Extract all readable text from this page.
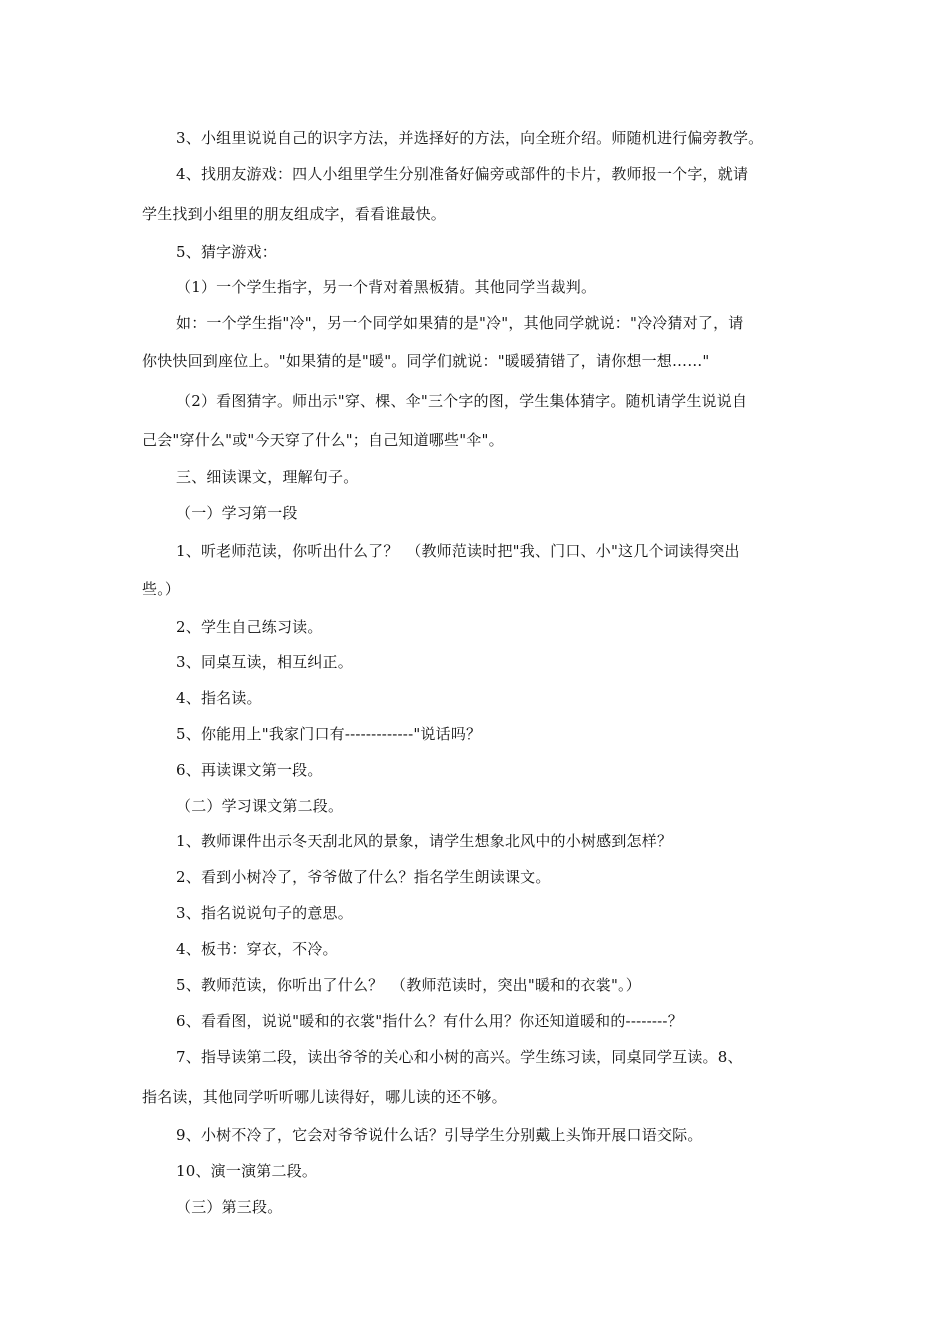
3、小组里说说自己的识字方法，并选择好的方法，向全班介绍。师随机进行偏旁教学。

4、找朋友游戏：四人小组里学生分别准备好偏旁或部件的卡片，教师报一个字，就请

学生找到小组里的朋友组成字，看看谁最快。

5、猜字游戏：

（1）一个学生指字，另一个背对着黑板猜。其他同学当裁判。

如：一个学生指"冷"，另一个同学如果猜的是"冷"，其他同学就说："冷冷猜对了，请

你快快回到座位上。"如果猜的是"暖"。同学们就说："暖暖猜错了，请你想一想……"

（2）看图猜字。师出示"穿、棵、伞"三个字的图，学生集体猜字。随机请学生说说自

己会"穿什么"或"今天穿了什么"；自己知道哪些"伞"。

三、细读课文，理解句子。

（一）学习第一段

1、听老师范读，你听出什么了？　（教师范读时把"我、门口、小"这几个词读得突出

些。）

2、学生自己练习读。

3、同桌互读，相互纠正。

4、指名读。

5、你能用上"我家门口有-------------"说话吗？

6、再读课文第一段。

（二）学习课文第二段。

1、教师课件出示冬天刮北风的景象，请学生想象北风中的小树感到怎样？

2、看到小树冷了，爷爷做了什么？指名学生朗读课文。

3、指名说说句子的意思。

4、板书：穿衣，不冷。

5、教师范读，你听出了什么？　（教师范读时，突出"暖和的衣裳"。）

6、看看图，说说"暖和的衣裳"指什么？有什么用？你还知道暖和的--------？

7、指导读第二段，读出爷爷的关心和小树的高兴。学生练习读，同桌同学互读。8、

指名读，其他同学听听哪儿读得好，哪儿读的还不够。

9、小树不冷了，它会对爷爷说什么话？引导学生分别戴上头饰开展口语交际。

10、演一演第二段。

（三）第三段。
